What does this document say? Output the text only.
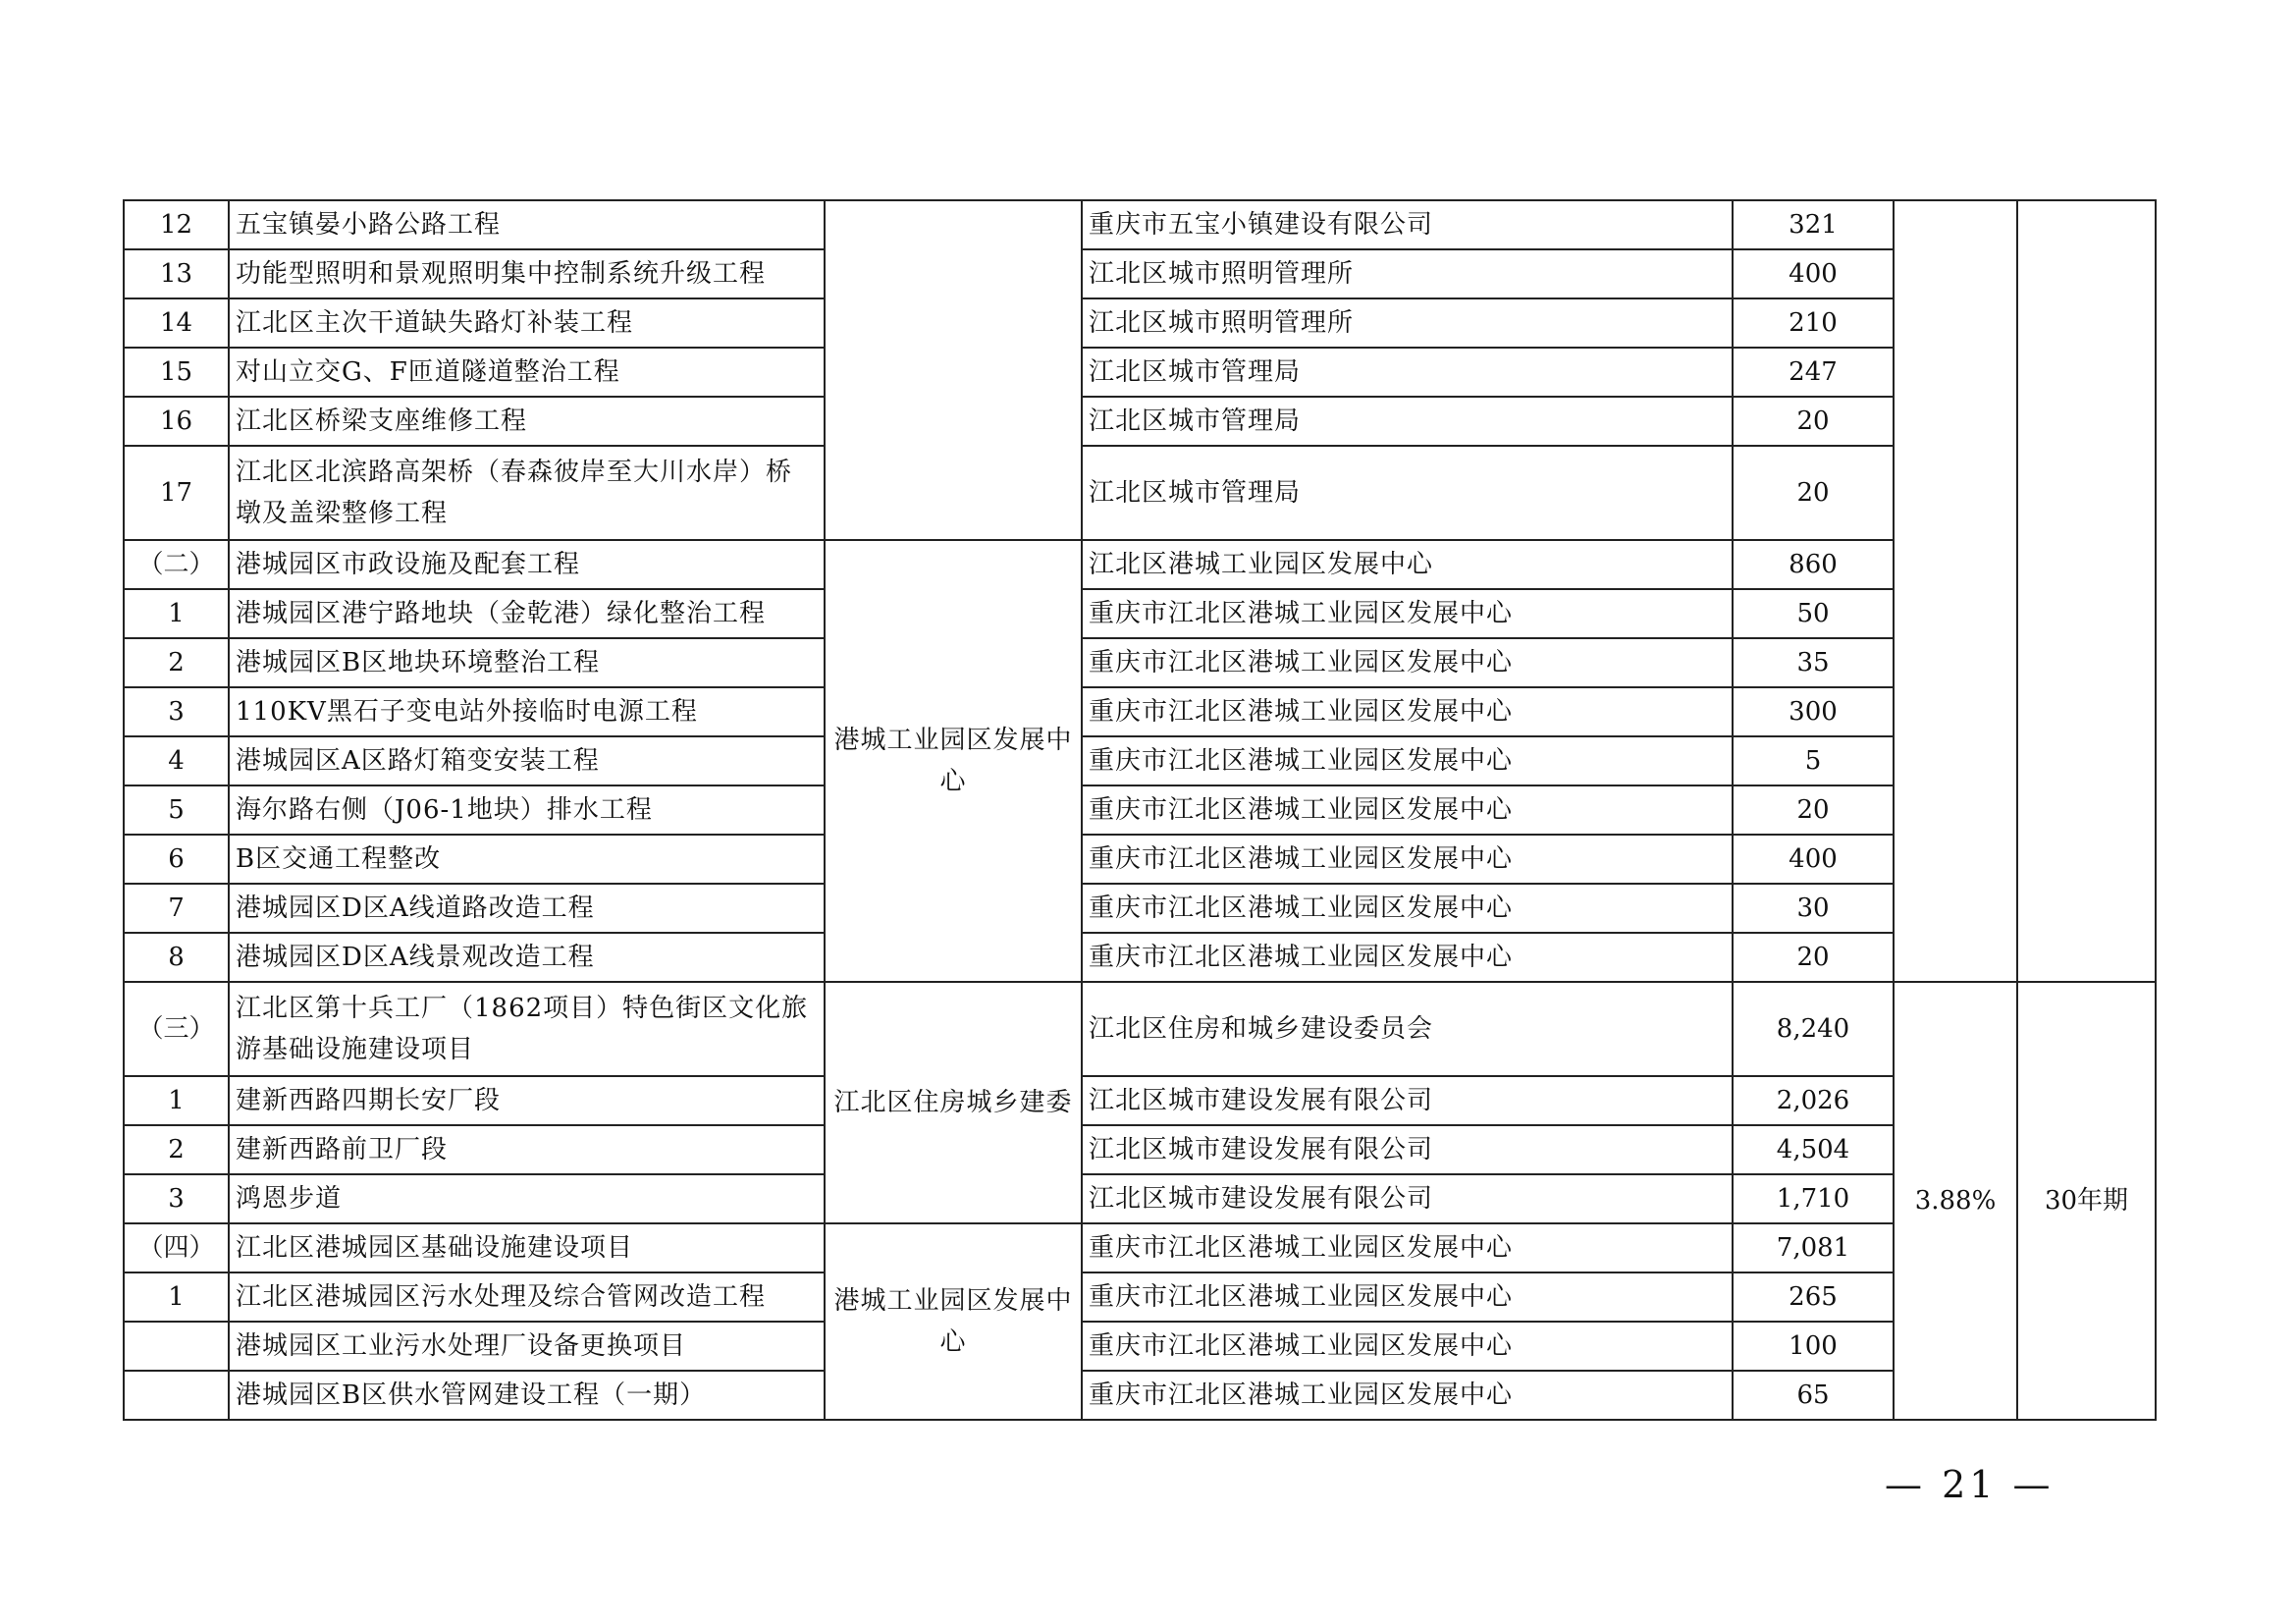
12	五宝镇晏小路公路工程		重庆市五宝小镇建设有限公司	321		
13	功能型照明和景观照明集中控制系统升级工程		江北区城市照明管理所	400		
14	江北区主次干道缺失路灯补装工程		江北区城市照明管理所	210		
15	对山立交G、F匝道隧道整治工程		江北区城市管理局	247		
16	江北区桥梁支座维修工程		江北区城市管理局	20		
17	江北区北滨路高架桥（春森彼岸至大川水岸）桥墩及盖梁整修工程		江北区城市管理局	20		
（二）	港城园区市政设施及配套工程	港城工业园区发展中心	江北区港城工业园区发展中心	860		
1	港城园区港宁路地块（金乾港）绿化整治工程		重庆市江北区港城工业园区发展中心	50		
2	港城园区B区地块环境整治工程		重庆市江北区港城工业园区发展中心	35		
3	110KV黑石子变电站外接临时电源工程		重庆市江北区港城工业园区发展中心	300		
4	港城园区A区路灯箱变安装工程		重庆市江北区港城工业园区发展中心	5		
5	海尔路右侧（J06-1地块）排水工程		重庆市江北区港城工业园区发展中心	20		
6	B区交通工程整改		重庆市江北区港城工业园区发展中心	400		
7	港城园区D区A线道路改造工程		重庆市江北区港城工业园区发展中心	30		
8	港城园区D区A线景观改造工程		重庆市江北区港城工业园区发展中心	20		
（三）	江北区第十兵工厂（1862项目）特色街区文化旅游基础设施建设项目	江北区住房城乡建委	江北区住房和城乡建设委员会	8,240	3.88%	30年期
1	建新西路四期长安厂段		江北区城市建设发展有限公司	2,026		
2	建新西路前卫厂段		江北区城市建设发展有限公司	4,504		
3	鸿恩步道		江北区城市建设发展有限公司	1,710		
（四）	江北区港城园区基础设施建设项目	港城工业园区发展中心	重庆市江北区港城工业园区发展中心	7,081		
1	江北区港城园区污水处理及综合管网改造工程		重庆市江北区港城工业园区发展中心	265		
	港城园区工业污水处理厂设备更换项目		重庆市江北区港城工业园区发展中心	100		
	港城园区B区供水管网建设工程（一期）		重庆市江北区港城工业园区发展中心	65		
— 21 —
